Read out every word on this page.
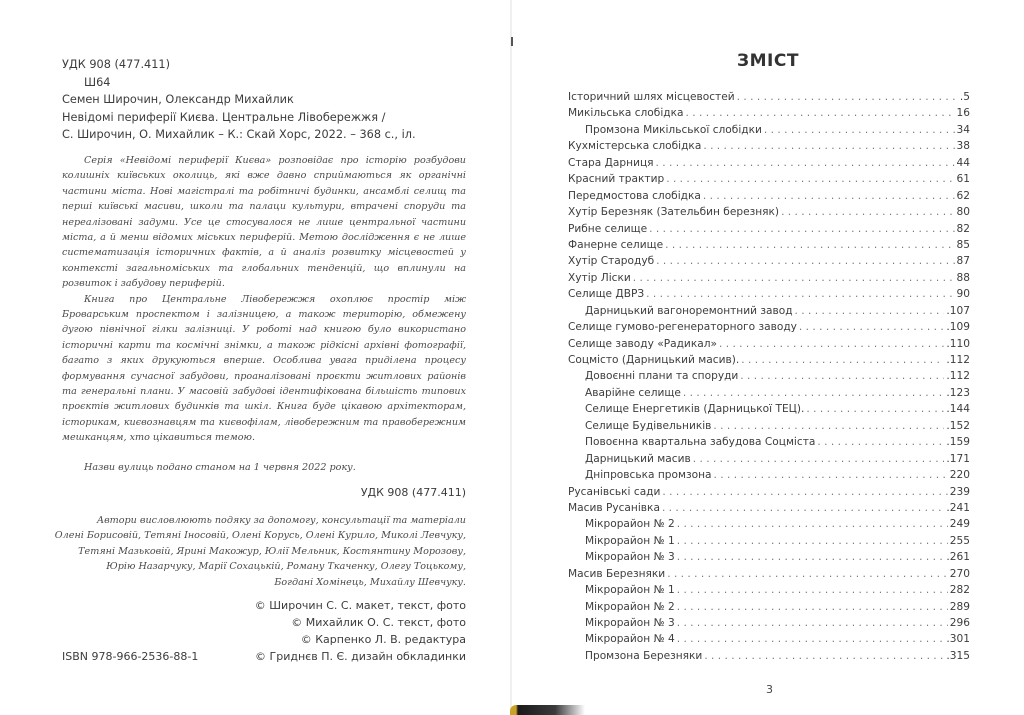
УДК 908 (477.411)
Ш64
Семен Широчин, Олександр Михайлик
Невідомі периферії Києва. Центральне Лівобережжя /
С. Широчин, О. Михайлик – К.: Скай Хорс, 2022. – 368 с., іл.

Серія «Невідомі периферії Києва» розповідає про історію розбудови колишніх київських околиць, які вже давно сприймаються як органічні частини міста. Нові магістралі та робітничі будинки, ансамблі селищ та перші київські масиви, школи та палаци культури, втрачені споруди та нереалізовані задуми. Усе це стосувалося не лише центральної частини міста, а й менш відомих міських периферій. Метою дослідження є не лише систематизація історичних фактів, а й аналіз розвитку місцевостей у контексті загальноміських та глобальних тенденцій, що вплинули на розвиток і забудову периферій.

Книга про Центральне Лівобережжя охоплює простір між Броварським проспектом і залізницею, а також територію, обмежену дугою північної гілки залізниці. У роботі над книгою було використано історичні карти та космічні знімки, а також рідкісні архівні фотографії, багато з яких друкуються вперше. Особлива увага приділена процесу формування сучасної забудови, проаналізовані проєкти житлових районів та генеральні плани. У масовій забудові ідентифікована більшість типових проєктів житлових будинків та шкіл. Книга буде цікавою архітекторам, історикам, києвознавцям та києвофілам, лівобережним та правобережним мешканцям, хто цікавиться темою.

Назви вулиць подано станом на 1 червня 2022 року.
УДК 908 (477.411)
Автори висловлюють подяку за допомогу, консультації та матеріали
Олені Борисовій, Тетяні Іносовій, Олені Корусь, Олені Курило, Миколі Левчуку,
Тетяні Мазьковій, Ярині Макожур, Юлії Мельник, Костянтину Морозову,
Юрію Назарчуку, Марії Сохацькій, Роману Ткаченку, Олегу Тоцькому,
Богдані Хомінець, Михайлу Шевчуку.
ISBN 978-966-2536-88-1
© Широчин С. С. макет, текст, фото
© Михайлик О. С. текст, фото
© Карпенко Л. В. редактура
© Гриднєв П. Є. дизайн обкладинки
ЗМІСТ
Історичний шлях місцевостей . . .	.5
Микільська слобідка . . .	16
Промзона Микільської слобідки . . .	34
Кухмістерська слобідка . . .	38
Стара Дарниця . . .	44
Красний трактир . . .	61
Передмостова слобідка . . .	62
Хутір Березняк (Зательбин березняк) . . .	80
Рибне селище . . .	82
Фанерне селище . . .	85
Хутір Стародуб . . .	87
Хутір Ліски . . .	88
Селище ДВРЗ . . .	90
Дарницький вагоноремонтний завод . . .	.107
Селище гумово-регенераторного заводу . . .	.109
Селище заводу «Радикал» . . .	.110
Соцмісто (Дарницький масив). . . .	.112
Довоєнні плани та споруди . . .	.112
Аварійне селище . . .	.123
Селище Енергетиків (Дарницької ТЕЦ). . . .	.144
Селище Будівельників . . .	.152
Повоєнна квартальна забудова Соцміста . . .	.159
Дарницький масив . . .	.171
Дніпровська промзона . . .	220
Русанівські сади . . .	239
Масив Русанівка . . .	.241
Мікрорайон № 2 . . .	249
Мікрорайон № 1 . . .	255
Мікрорайон № 3 . . .	.261
Масив Березняки . . .	270
Мікрорайон № 1 . . .	282
Мікрорайон № 2 . . .	289
Мікрорайон № 3 . . .	296
Мікрорайон № 4 . . .	.301
Промзона Березняки . . .	.315
3
